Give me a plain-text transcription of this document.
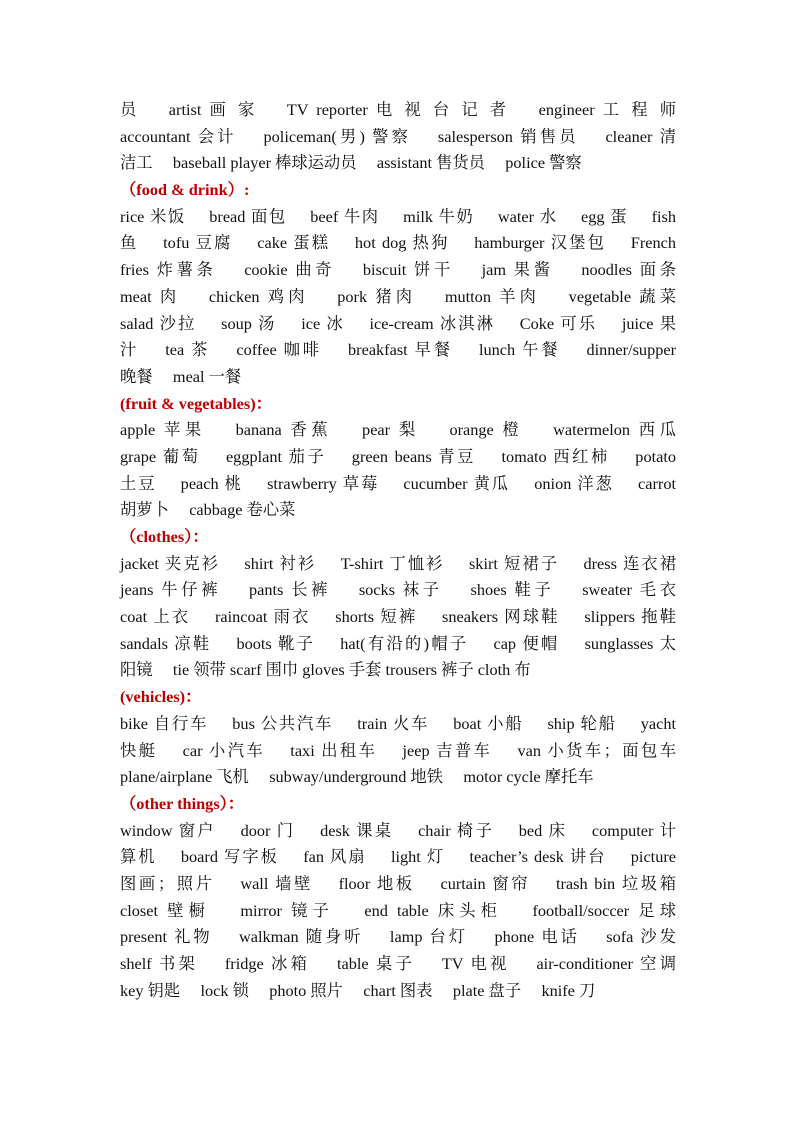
员　 artist 画 家　 TV reporter 电 视 台 记 者　 engineer 工 程 师
accountant 会计　 policeman(男) 警察　 salesperson 销售员　 cleaner 清
洁工　 baseball player 棒球运动员　 assistant 售货员　 police 警察
（food & drink）:
rice 米饭　 bread 面包　 beef 牛肉　 milk 牛奶　 water 水　 egg 蛋　 fish
鱼　 tofu 豆腐　 cake 蛋糕　 hot dog 热狗　 hamburger 汉堡包　 French
fries 炸薯条　 cookie 曲奇　 biscuit 饼干　 jam 果酱　 noodles 面条
meat 肉　 chicken 鸡肉　 pork 猪肉　 mutton 羊肉　 vegetable 蔬菜
salad 沙拉　 soup 汤　 ice 冰　 ice-cream 冰淇淋　 Coke 可乐　 juice 果
汁　 tea 茶　 coffee 咖啡　 breakfast 早餐　 lunch 午餐　 dinner/supper
晚餐　 meal 一餐
(fruit & vegetables)：
apple 苹果　 banana 香蕉　 pear 梨　 orange 橙　 watermelon 西瓜
grape 葡萄　 eggplant 茄子　 green beans 青豆　 tomato 西红柿　 potato
土豆　 peach 桃　 strawberry 草莓　 cucumber 黄瓜　 onion 洋葱　 carrot
胡萝卜　 cabbage 卷心菜
（clothes）：
jacket 夹克衫　 shirt 衬衫　 T-shirt 丁恤衫　 skirt 短裙子　 dress 连衣裙
jeans 牛仔裤　 pants 长裤　 socks 袜子　 shoes 鞋子　 sweater 毛衣
coat 上衣　 raincoat 雨衣　 shorts 短裤　 sneakers 网球鞋　 slippers 拖鞋
sandals 凉鞋　 boots 靴子　 hat(有沿的)帽子　 cap 便帽　 sunglasses 太
阳镜　 tie 领带 scarf 围巾 gloves 手套 trousers 裤子 cloth 布
(vehicles)：
bike 自行车　 bus 公共汽车　 train 火车　 boat 小船　 ship 轮船　 yacht
快艇　 car 小汽车　 taxi 出租车　 jeep 吉普车　 van 小货车；面包车
plane/airplane 飞机　 subway/underground 地铁　 motor cycle 摩托车
（other things）：
window 窗户　 door 门　 desk 课桌　 chair 椅子　 bed 床　 computer 计
算机　 board 写字板　 fan 风扇　 light 灯　 teacher’s desk 讲台　 picture
图画；照片　 wall 墙壁　 floor 地板　 curtain 窗帘　 trash bin 垃圾箱
closet 壁橱　 mirror 镜子　 end table 床头柜　 football/soccer 足球
present 礼物　 walkman 随身听　 lamp 台灯　 phone 电话　 sofa 沙发
shelf 书架　 fridge 冰箱　 table 桌子　 TV 电视　 air-conditioner 空调
key 钥匙　 lock 锁　 photo 照片　 chart 图表　 plate 盘子　 knife 刀
